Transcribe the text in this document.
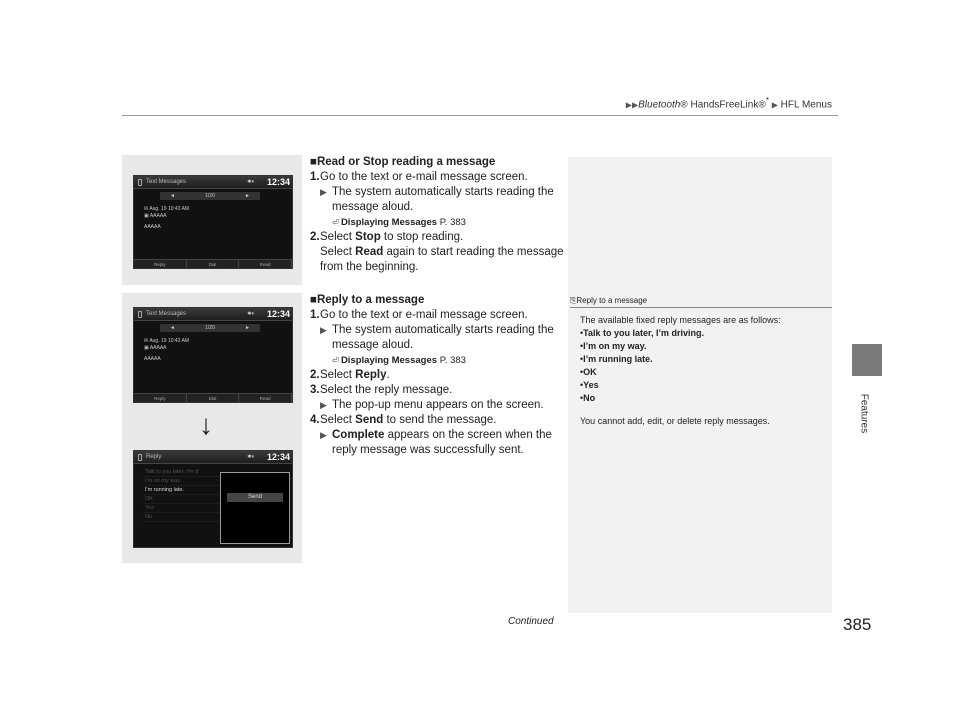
▶▶Bluetooth® HandsFreeLink®* ▶ HFL Menus
Features
Text Messages	✱▾ 12:34
◄	1/20	►
✉ Aug. 19 10:43 AM
▣ AAAAA
AAAAA
Reply	Dial	Read
Text Messages	✱▾ 12:34
◄	1/20	►
✉ Aug. 19 10:43 AM
▣ AAAAA
AAAAA
Reply	Dial	Read
↓
Reply	✱▾ 12:34
Talk to you later, I'm d
I'm on my way.
I'm running late.
OK
Yes
No
Send
■Read or Stop reading a message
1. Go to the text or e-mail message screen.
▶ The system automatically starts reading the message aloud.
⏎ Displaying Messages P. 383
2. Select Stop to stop reading.
Select Read again to start reading the message from the beginning.
■Reply to a message
1. Go to the text or e-mail message screen.
▶ The system automatically starts reading the message aloud.
⏎ Displaying Messages P. 383
2. Select Reply.
3. Select the reply message.
▶ The pop-up menu appears on the screen.
4. Select Send to send the message.
▶ Complete appears on the screen when the reply message was successfully sent.
⎘Reply to a message
The available fixed reply messages are as follows:
•Talk to you later, I’m driving.
•I’m on my way.
•I’m running late.
•OK
•Yes
•No
You cannot add, edit, or delete reply messages.
Continued	385
